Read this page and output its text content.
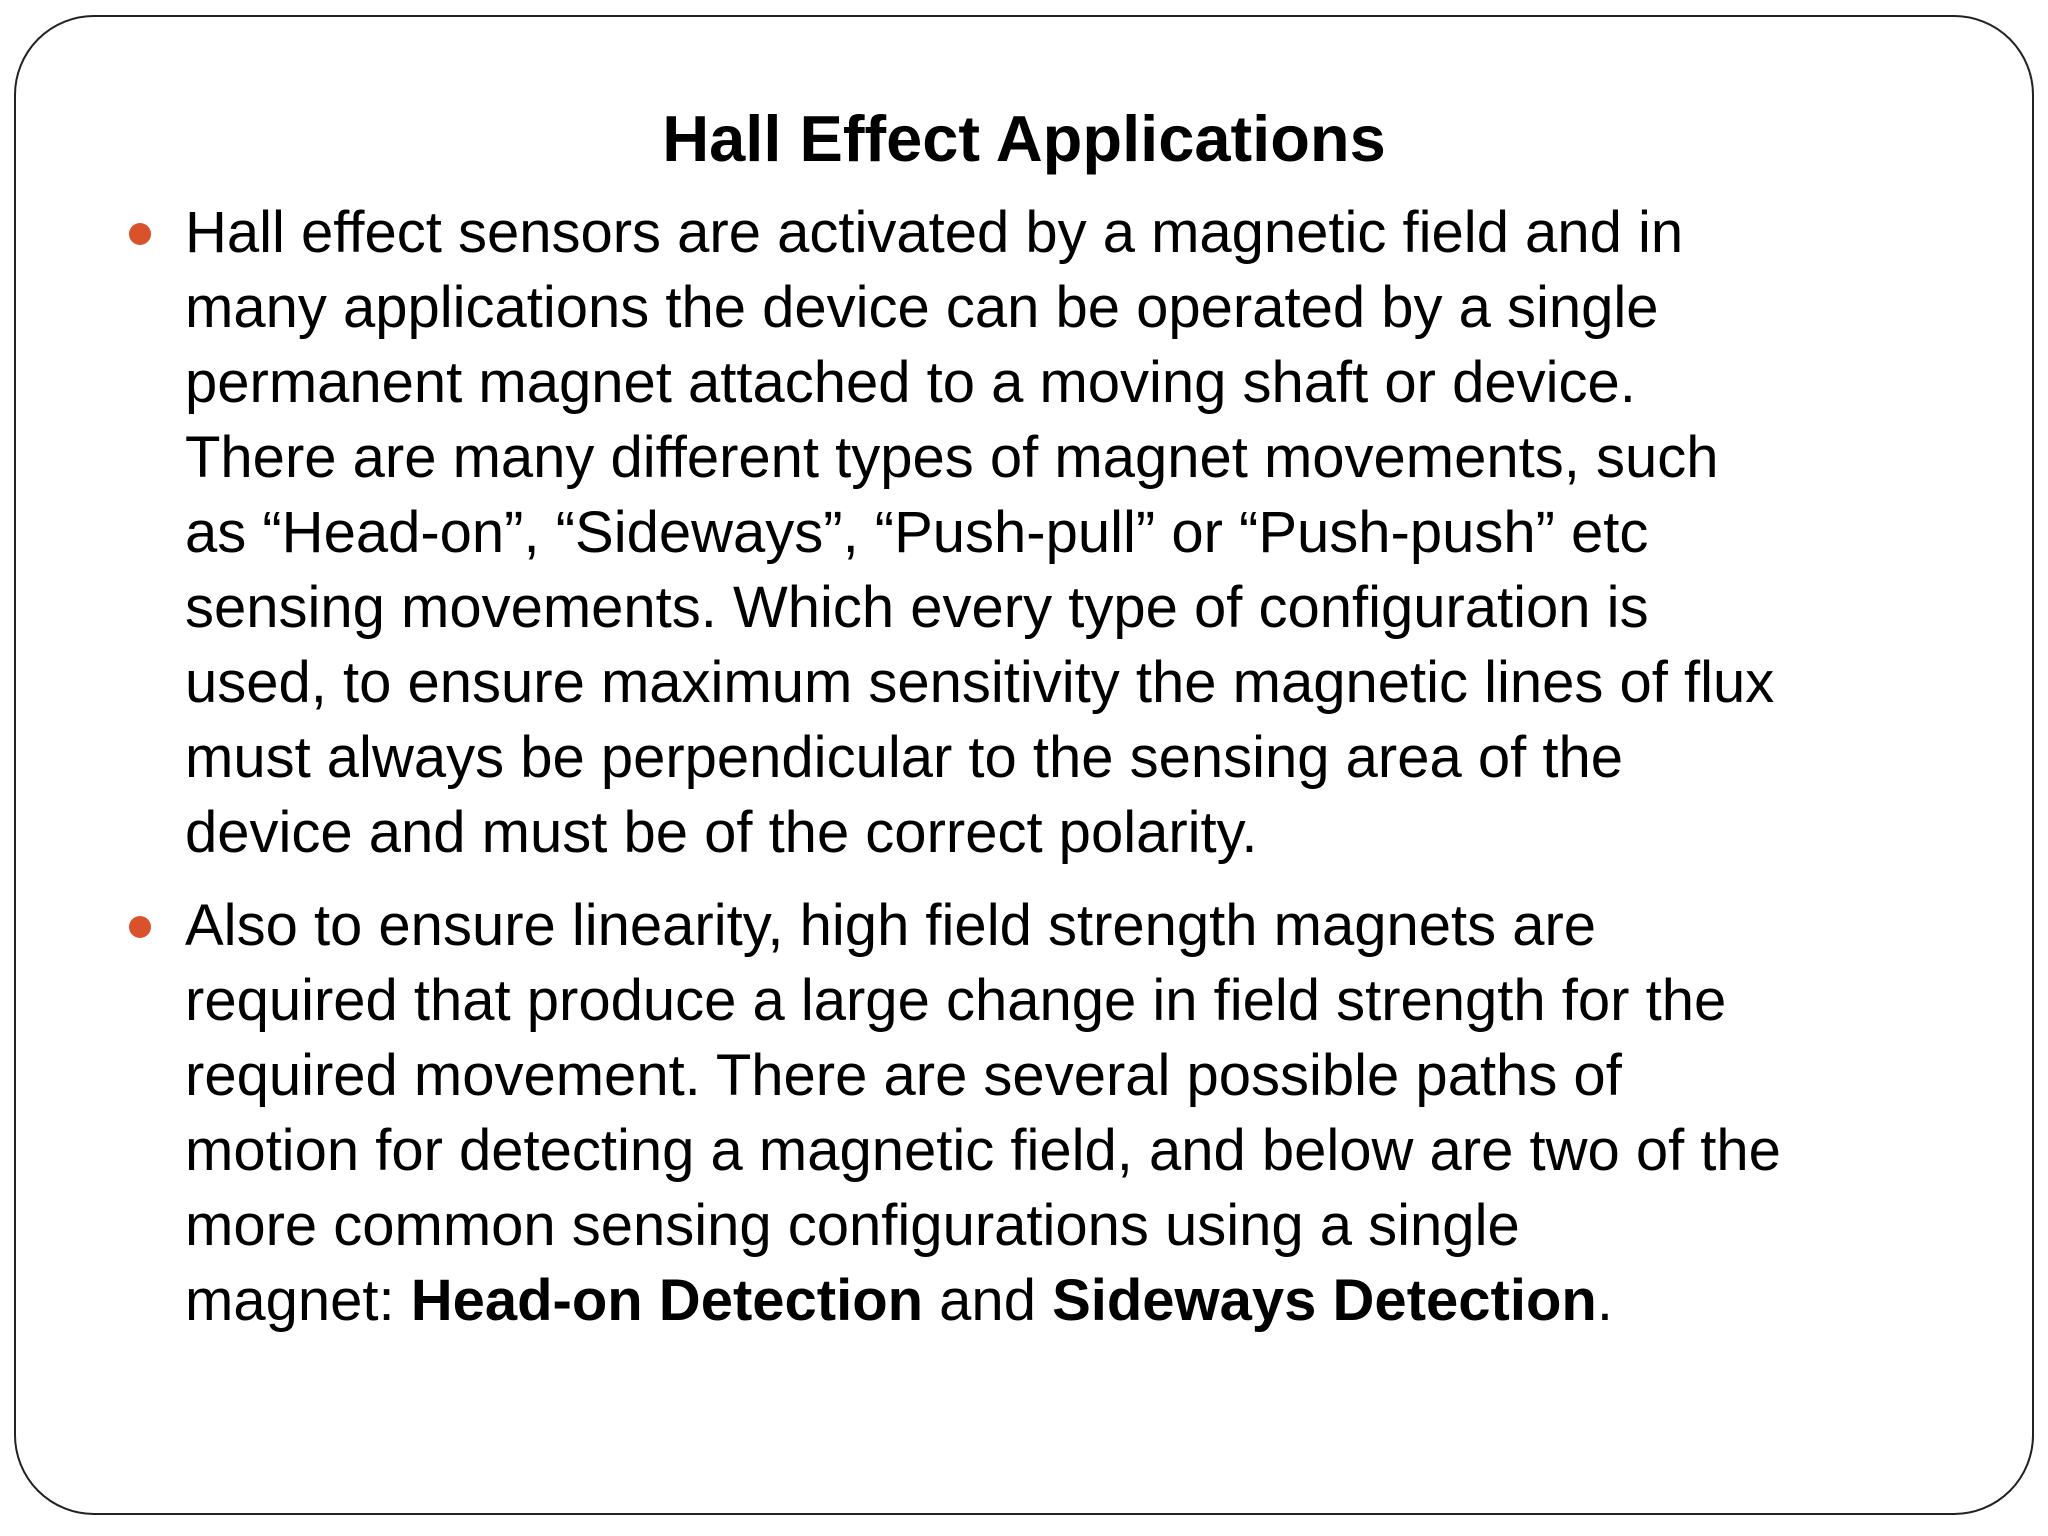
Hall Effect Applications
Hall effect sensors are activated by a magnetic field and in
many applications the device can be operated by a single
permanent magnet attached to a moving shaft or device.
There are many different types of magnet movements, such
as “Head-on”, “Sideways”, “Push-pull” or “Push-push” etc
sensing movements. Which every type of configuration is
used, to ensure maximum sensitivity the magnetic lines of flux
must always be perpendicular to the sensing area of the
device and must be of the correct polarity.
Also to ensure linearity, high field strength magnets are
required that produce a large change in field strength for the
required movement. There are several possible paths of
motion for detecting a magnetic field, and below are two of the
more common sensing configurations using a single
magnet: Head-on Detection and Sideways Detection.
